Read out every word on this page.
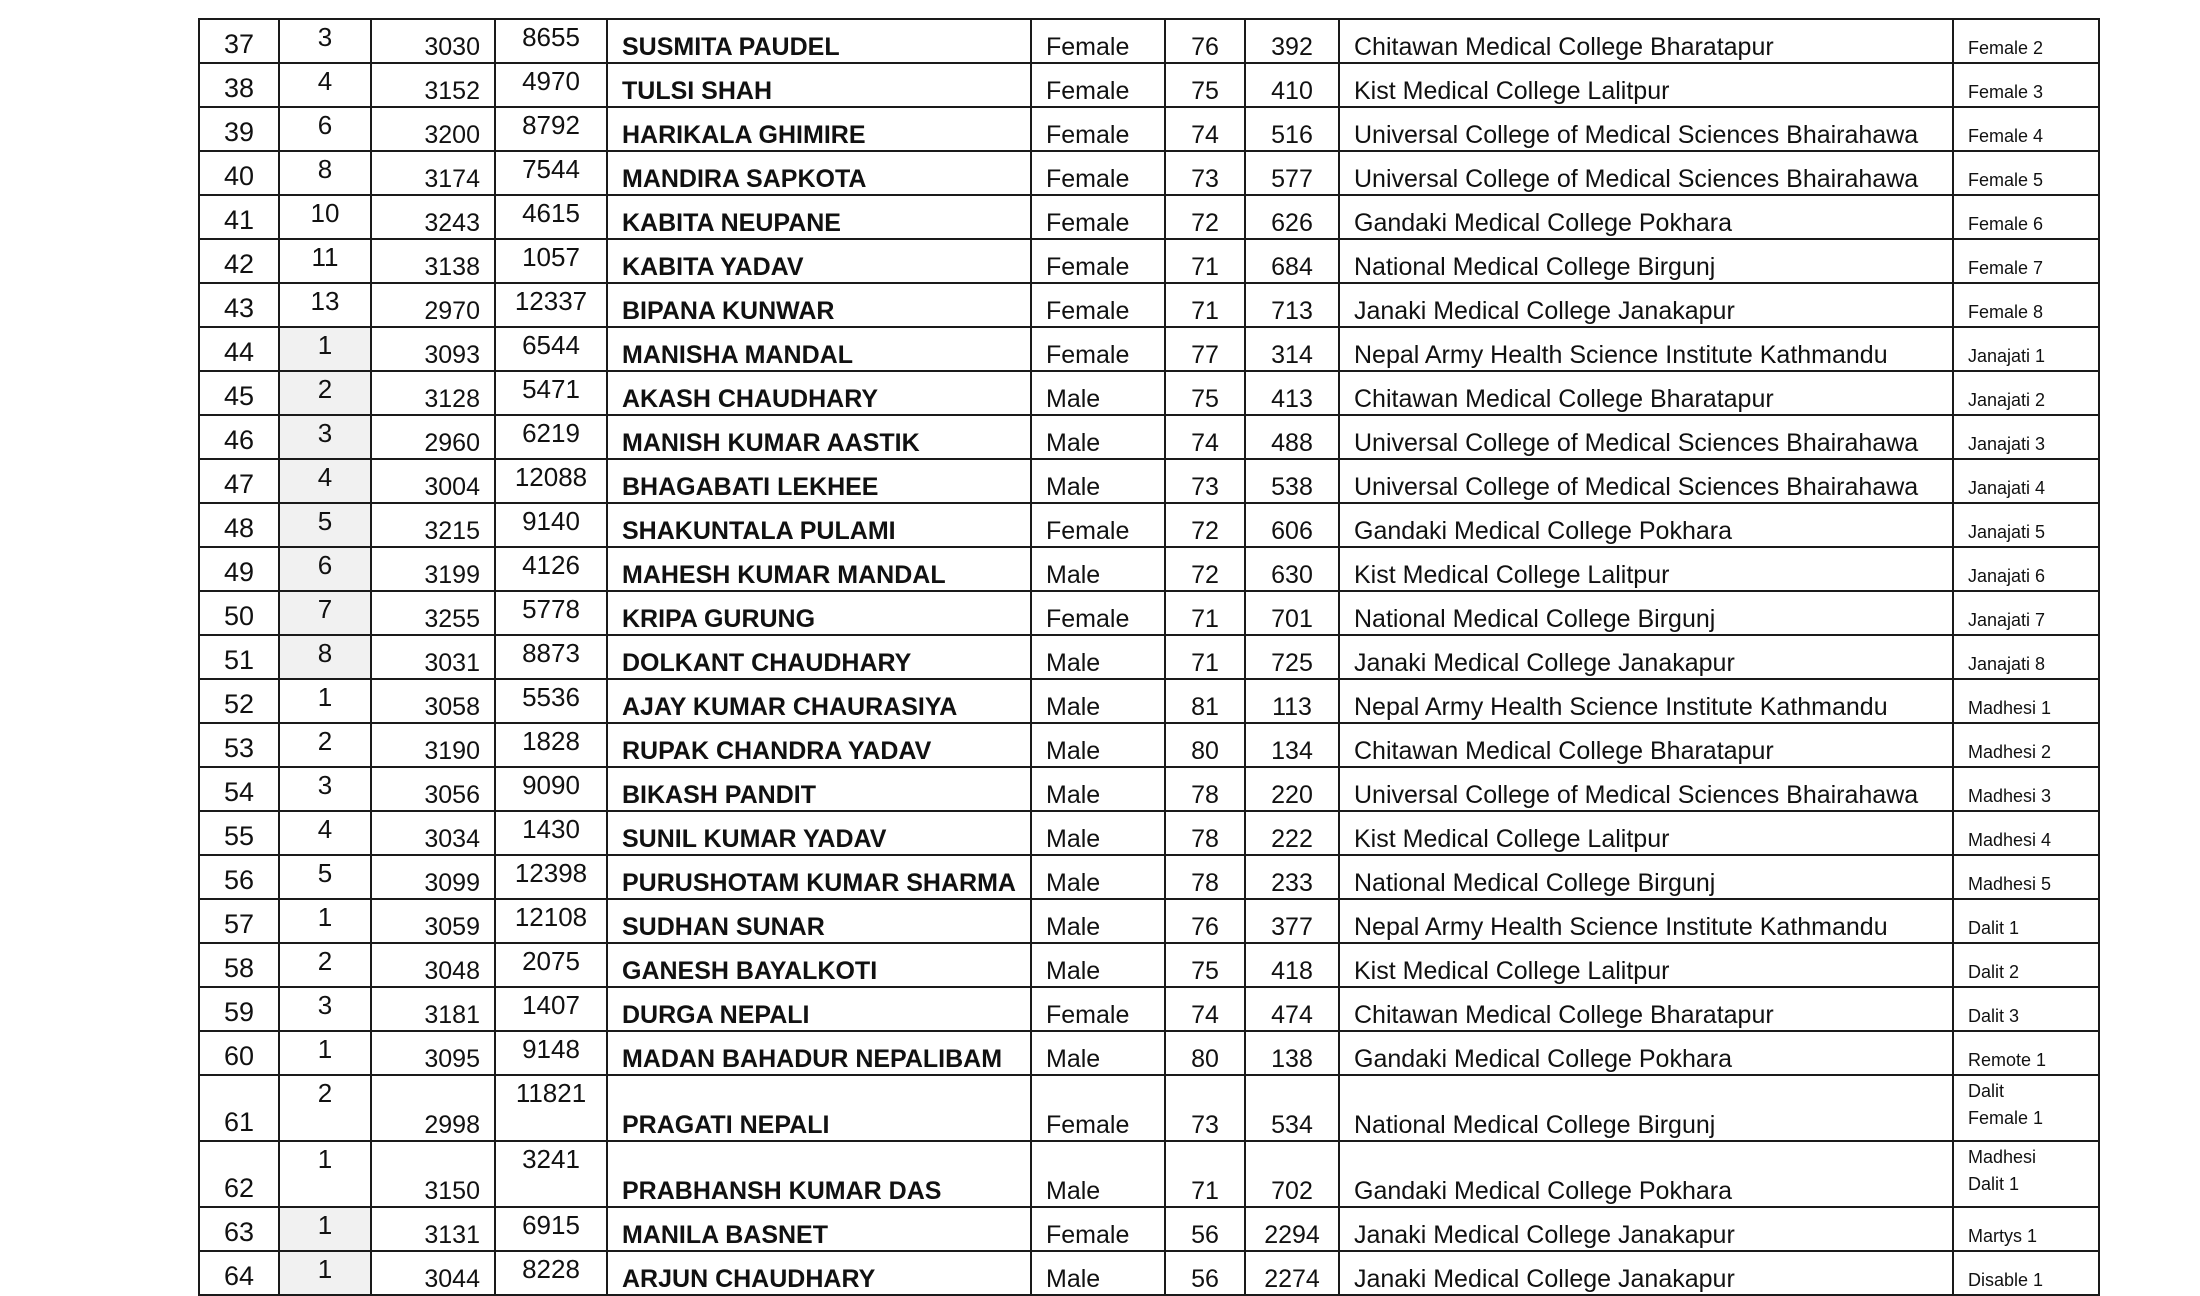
37	3	3030	8655	SUSMITA PAUDEL	Female	76	392	Chitawan Medical College Bharatapur	Female 2

38	4	3152	4970	TULSI SHAH	Female	75	410	Kist Medical College Lalitpur	Female 3

39	6	3200	8792	HARIKALA GHIMIRE	Female	74	516	Universal College of Medical Sciences Bhairahawa	Female 4

40	8	3174	7544	MANDIRA SAPKOTA	Female	73	577	Universal College of Medical Sciences Bhairahawa	Female 5

41	10	3243	4615	KABITA NEUPANE	Female	72	626	Gandaki Medical College Pokhara	Female 6

42	11	3138	1057	KABITA YADAV	Female	71	684	National Medical College Birgunj	Female 7

43	13	2970	12337	BIPANA KUNWAR	Female	71	713	Janaki Medical College Janakapur	Female 8

44	1	3093	6544	MANISHA MANDAL	Female	77	314	Nepal Army Health Science Institute Kathmandu	Janajati 1

45	2	3128	5471	AKASH CHAUDHARY	Male	75	413	Chitawan Medical College Bharatapur	Janajati 2

46	3	2960	6219	MANISH KUMAR AASTIK	Male	74	488	Universal College of Medical Sciences Bhairahawa	Janajati 3

47	4	3004	12088	BHAGABATI LEKHEE	Male	73	538	Universal College of Medical Sciences Bhairahawa	Janajati 4

48	5	3215	9140	SHAKUNTALA PULAMI	Female	72	606	Gandaki Medical College Pokhara	Janajati 5

49	6	3199	4126	MAHESH KUMAR MANDAL	Male	72	630	Kist Medical College Lalitpur	Janajati 6

50	7	3255	5778	KRIPA GURUNG	Female	71	701	National Medical College Birgunj	Janajati 7

51	8	3031	8873	DOLKANT CHAUDHARY	Male	71	725	Janaki Medical College Janakapur	Janajati 8

52	1	3058	5536	AJAY KUMAR CHAURASIYA	Male	81	113	Nepal Army Health Science Institute Kathmandu	Madhesi 1

53	2	3190	1828	RUPAK CHANDRA YADAV	Male	80	134	Chitawan Medical College Bharatapur	Madhesi 2

54	3	3056	9090	BIKASH PANDIT	Male	78	220	Universal College of Medical Sciences Bhairahawa	Madhesi 3

55	4	3034	1430	SUNIL KUMAR YADAV	Male	78	222	Kist Medical College Lalitpur	Madhesi 4

56	5	3099	12398	PURUSHOTAM KUMAR SHARMA	Male	78	233	National Medical College Birgunj	Madhesi 5

57	1	3059	12108	SUDHAN SUNAR	Male	76	377	Nepal Army Health Science Institute Kathmandu	Dalit 1

58	2	3048	2075	GANESH BAYALKOTI	Male	75	418	Kist Medical College Lalitpur	Dalit 2

59	3	3181	1407	DURGA NEPALI	Female	74	474	Chitawan Medical College Bharatapur	Dalit 3

60	1	3095	9148	MADAN BAHADUR NEPALIBAM	Male	80	138	Gandaki Medical College Pokhara	Remote 1

61	2	2998	11821	PRAGATI NEPALI	Female	73	534	National Medical College Birgunj	Dalit
Female 1

62	1	3150	3241	PRABHANSH KUMAR DAS	Male	71	702	Gandaki Medical College Pokhara	Madhesi
Dalit 1

63	1	3131	6915	MANILA BASNET	Female	56	2294	Janaki Medical College Janakapur	Martys 1

64	1	3044	8228	ARJUN CHAUDHARY	Male	56	2274	Janaki Medical College Janakapur	Disable 1
